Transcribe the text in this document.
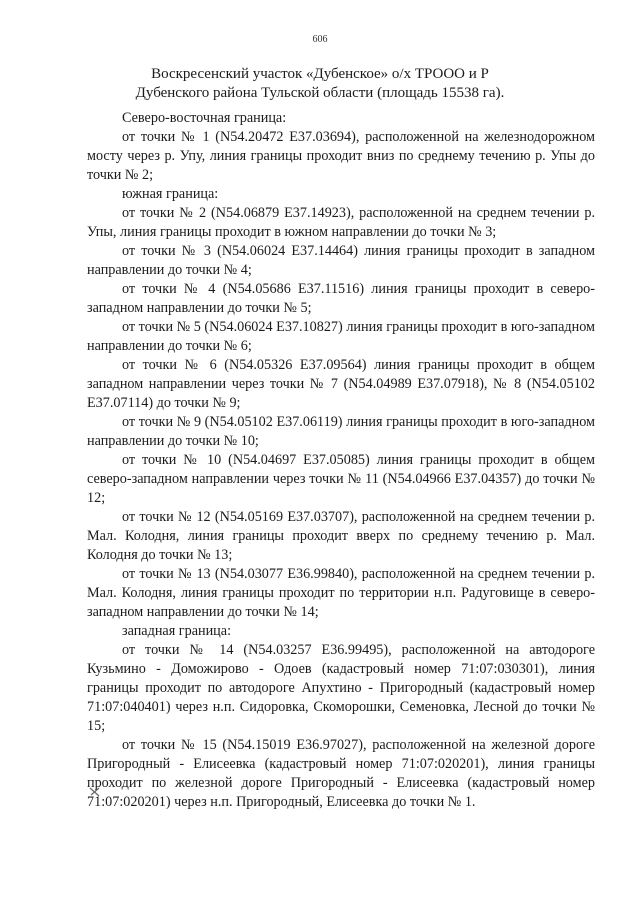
606
Воскресенский участок «Дубенское» о/х ТРООО и Р
Дубенского района Тульской области (площадь 15538 га).

Северо-восточная граница:

от точки № 1 (N54.20472 E37.03694), расположенной на железнодорожном мосту через р. Упу, линия границы проходит вниз по среднему течению р. Упы до точки № 2;

южная граница:

от точки № 2 (N54.06879 E37.14923), расположенной на среднем течении р. Упы, линия границы проходит в южном направлении до точки № 3;

от точки № 3 (N54.06024 E37.14464) линия границы проходит в западном направлении до точки № 4;

от точки № 4 (N54.05686 E37.11516) линия границы проходит в северо-западном направлении до точки № 5;

от точки № 5 (N54.06024 E37.10827) линия границы проходит в юго-западном направлении до точки № 6;

от точки № 6 (N54.05326 E37.09564) линия границы проходит в общем западном направлении через точки № 7 (N54.04989 E37.07918), № 8 (N54.05102 E37.07114) до точки № 9;

от точки № 9 (N54.05102 E37.06119) линия границы проходит в юго-западном направлении до точки № 10;

от точки № 10 (N54.04697 E37.05085) линия границы проходит в общем северо-западном направлении через точки № 11 (N54.04966 E37.04357) до точки № 12;

от точки № 12 (N54.05169 E37.03707), расположенной на среднем течении р. Мал. Колодня, линия границы проходит вверх по среднему течению р. Мал. Колодня до точки № 13;

от точки № 13 (N54.03077 E36.99840), расположенной на среднем течении р. Мал. Колодня, линия границы проходит по территории н.п. Радуговище в северо-западном направлении до точки № 14;

западная граница:

от точки № 14 (N54.03257 E36.99495), расположенной на автодороге Кузьмино - Доможирово - Одоев (кадастровый номер 71:07:030301), линия границы проходит по автодороге Апухтино - Пригородный (кадастровый номер 71:07:040401) через н.п. Сидоровка, Скоморошки, Семеновка, Лесной до точки № 15;

от точки № 15 (N54.15019 E36.97027), расположенной на железной дороге Пригородный - Елисеевка (кадастровый номер 71:07:020201), линия границы проходит по железной дороге Пригородный - Елисеевка (кадастровый номер 71:07:020201) через н.п. Пригородный, Елисеевка до точки № 1.
